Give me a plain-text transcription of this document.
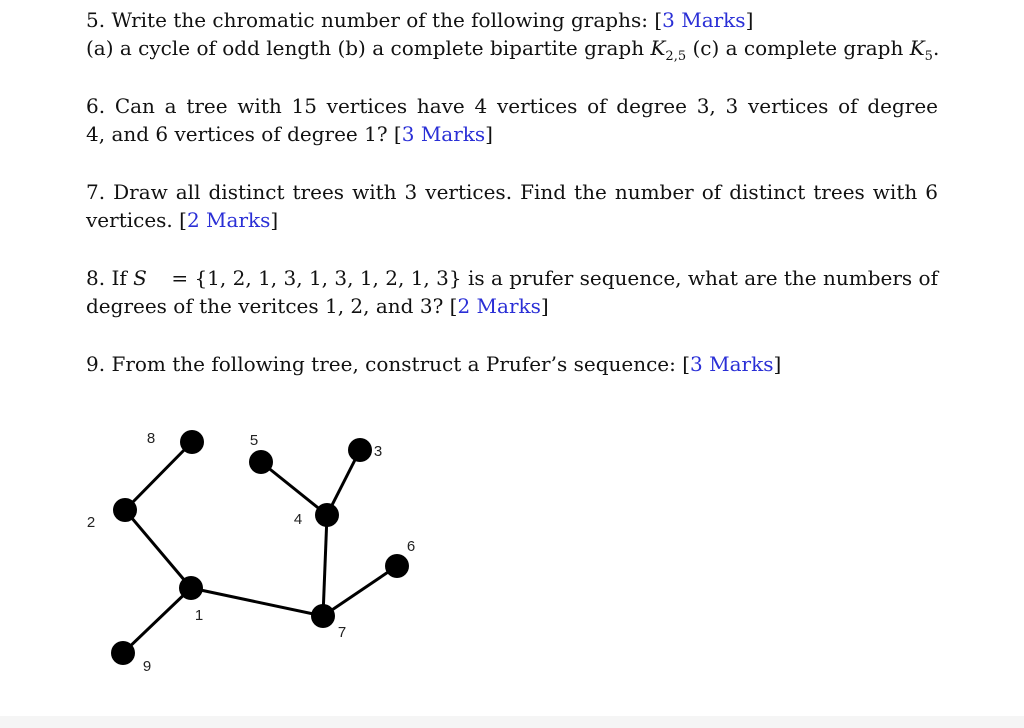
5. Write the chromatic number of the following graphs: [3 Marks]
(a) a cycle of odd length (b) a complete bipartite graph $K_{2,5}$ (c) a complete graph $K_5$.
6. Can a tree with 15 vertices have 4 vertices of degree 3, 3 vertices of degree
4, and 6 vertices of degree 1? [3 Marks]
7. Draw all distinct trees with 3 vertices. Find the number of distinct trees with 6
vertices. [2 Marks]
8. If S = {1, 2, 1, 3, 1, 3, 1, 2, 1, 3} is a prufer sequence, what are the numbers of
degrees of the veritces 1, 2, and 3? [2 Marks]
9. From the following tree, construct a Prufer’s sequence: [3 Marks]
1
2
3
4
5
6
7
8
9
